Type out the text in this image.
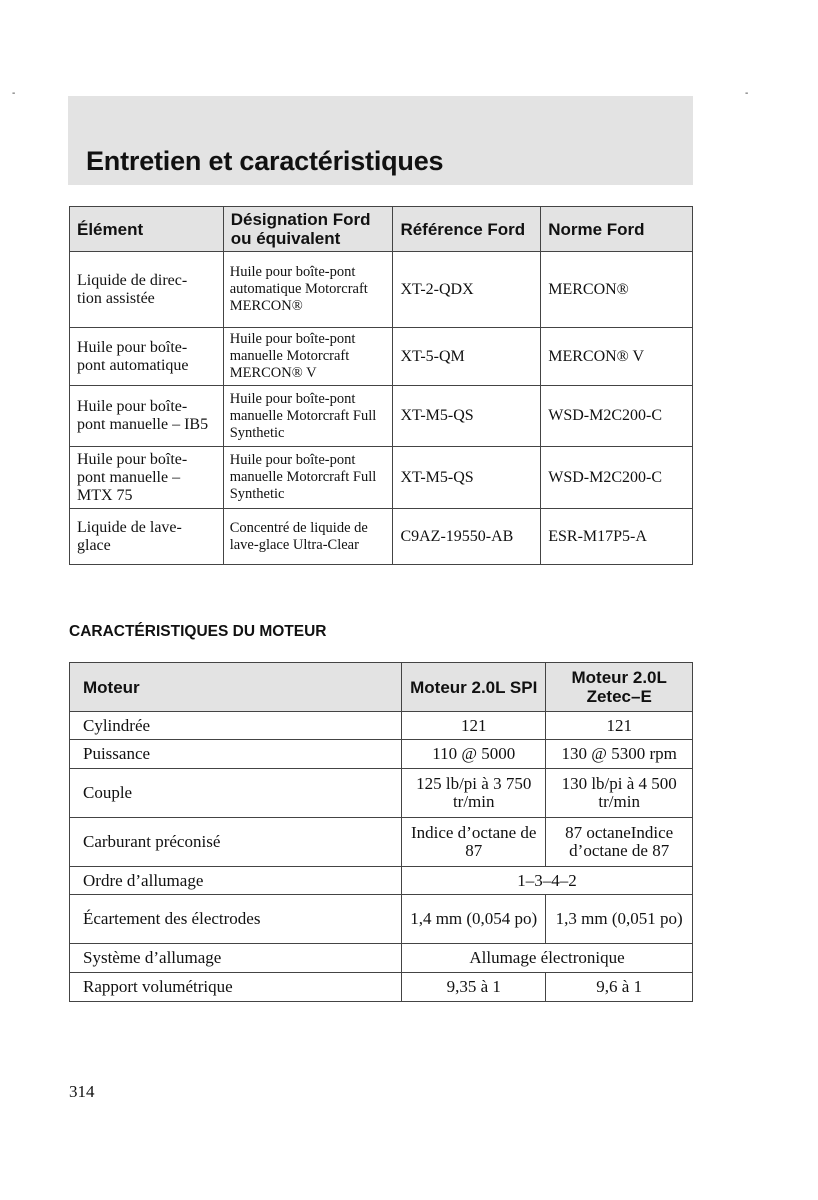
-	-
Entretien et caractéristiques
Élément	Désignation Ford ou équivalent	Référence Ford	Norme Ford
Liquide de direc- tion assistée	Huile pour boîte-pont automatique Motorcraft MERCON®	XT-2-QDX	MERCON®
Huile pour boîte- pont automatique	Huile pour boîte-pont manuelle Motorcraft MERCON® V	XT-5-QM	MERCON® V
Huile pour boîte- pont manuelle – IB5	Huile pour boîte-pont manuelle Motorcraft Full Synthetic	XT-M5-QS	WSD-M2C200-C
Huile pour boîte- pont manuelle – MTX 75	Huile pour boîte-pont manuelle Motorcraft Full Synthetic	XT-M5-QS	WSD-M2C200-C
Liquide de lave- glace	Concentré de liquide de lave-glace Ultra-Clear	C9AZ-19550-AB	ESR-M17P5-A
CARACTÉRISTIQUES DU MOTEUR
Moteur	Moteur 2.0L SPI	Moteur 2.0L Zetec–E
Cylindrée	121	121
Puissance	110 @ 5000	130 @ 5300 rpm
Couple	125 lb/pi à 3 750 tr/min	130 lb/pi à 4 500 tr/min
Carburant préconisé	Indice d’octane de 87	87 octaneIndice d’octane de 87
Ordre d’allumage	1–3–4–2	
Écartement des électrodes	1,4 mm (0,054 po)	1,3 mm (0,051 po)
Système d’allumage	Allumage électronique	
Rapport volumétrique	9,35 à 1	9,6 à 1
314
